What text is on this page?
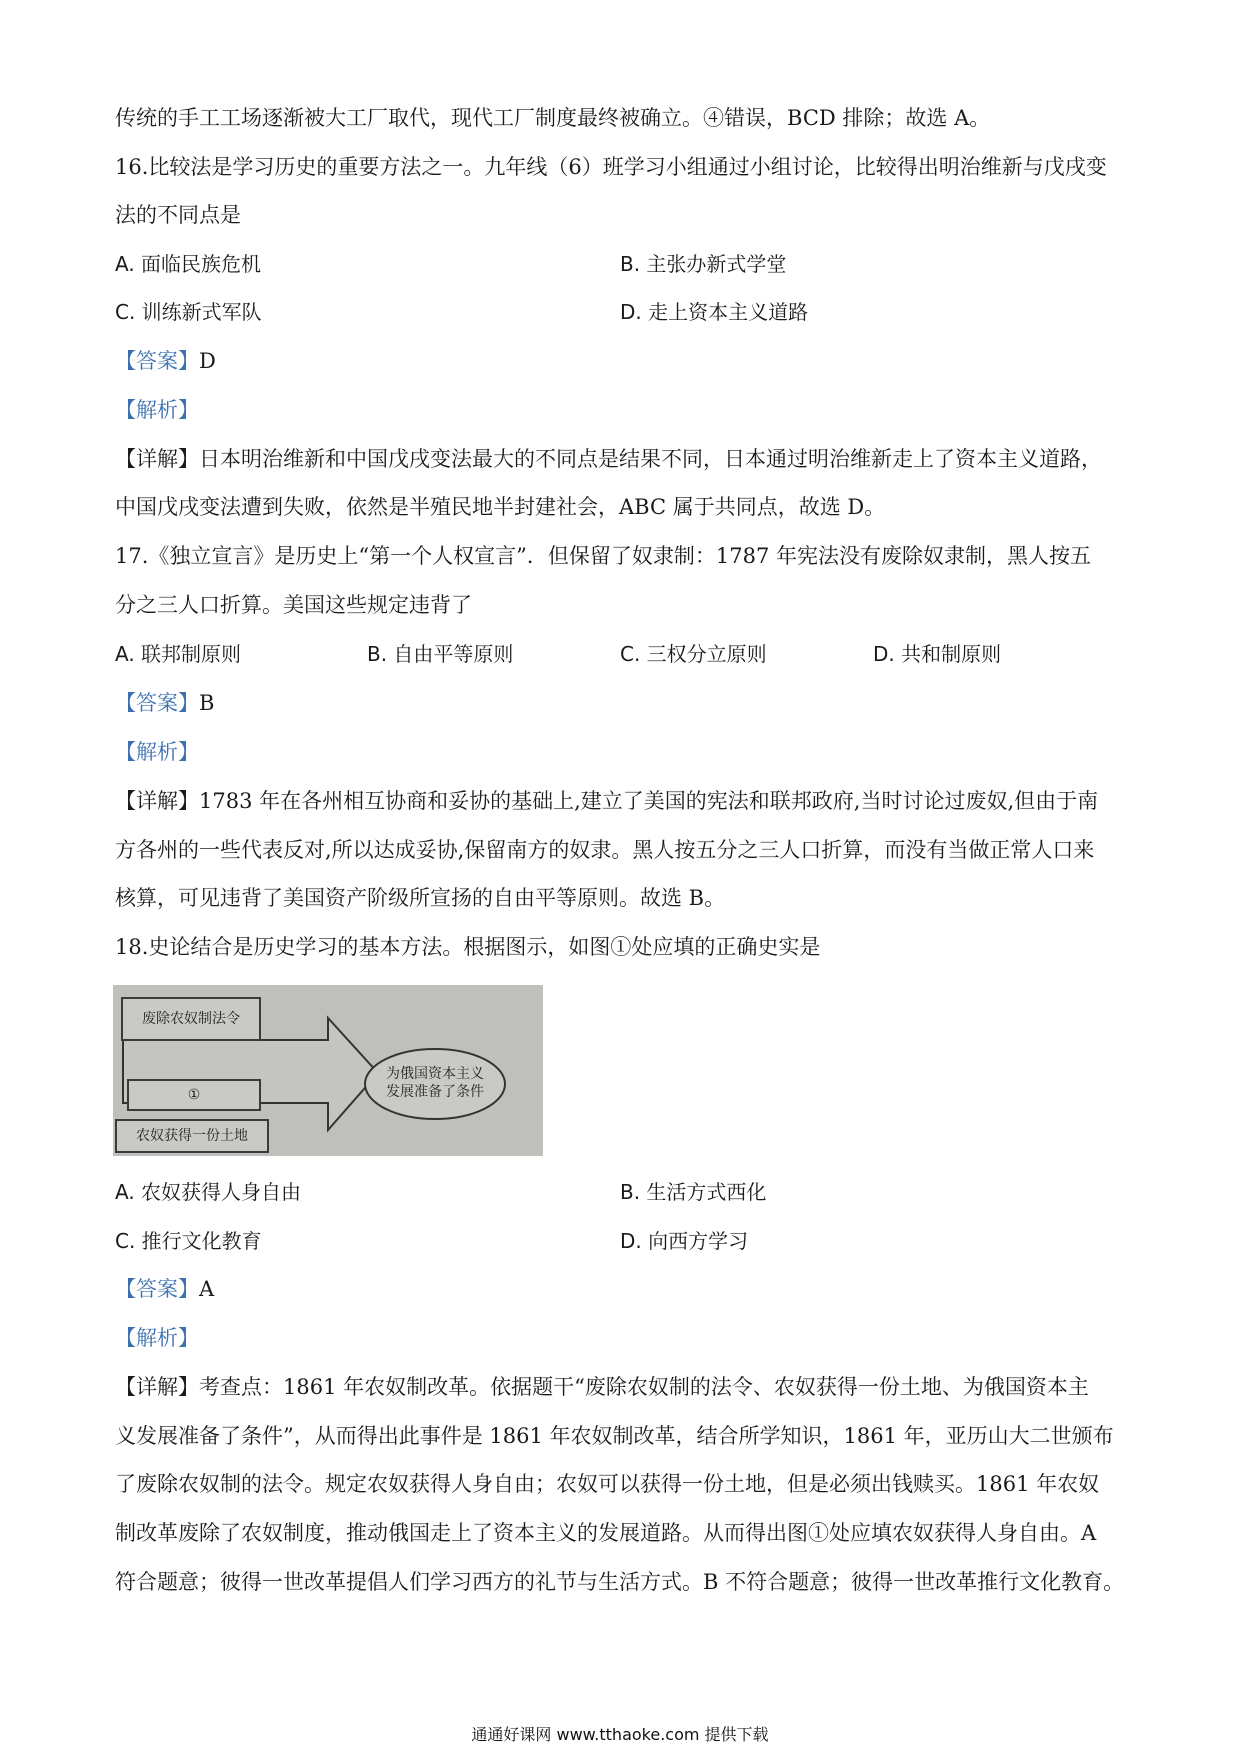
传统的手工工场逐渐被大工厂取代，现代工厂制度最终被确立。④错误，BCD 排除；故选 A。
16.比较法是学习历史的重要方法之一。九年线（6）班学习小组通过小组讨论，比较得出明治维新与戊戌变
法的不同点是
A. 面临民族危机	B. 主张办新式学堂
C. 训练新式军队	D. 走上资本主义道路
【答案】D
【解析】
【详解】日本明治维新和中国戊戌变法最大的不同点是结果不同，日本通过明治维新走上了资本主义道路，
中国戊戌变法遭到失败，依然是半殖民地半封建社会，ABC 属于共同点，故选 D。
17.《独立宣言》是历史上“第一个人权宣言”．但保留了奴隶制：1787 年宪法没有废除奴隶制，黑人按五
分之三人口折算。美国这些规定违背了
A. 联邦制原则	B. 自由平等原则	C. 三权分立原则	D. 共和制原则
【答案】B
【解析】
【详解】1783 年在各州相互协商和妥协的基础上,建立了美国的宪法和联邦政府,当时讨论过废奴,但由于南
方各州的一些代表反对,所以达成妥协,保留南方的奴隶。黑人按五分之三人口折算，而没有当做正常人口来
核算，可见违背了美国资产阶级所宣扬的自由平等原则。故选 B。
18.史论结合是历史学习的基本方法。根据图示，如图①处应填的正确史实是
废除农奴制法令
①
农奴获得一份土地
为俄国资本主义
发展准备了条件
A. 农奴获得人身自由	B. 生活方式西化
C. 推行文化教育	D. 向西方学习
【答案】A
【解析】
【详解】考查点：1861 年农奴制改革。依据题干“废除农奴制的法令、农奴获得一份土地、为俄国资本主
义发展准备了条件”，从而得出此事件是 1861 年农奴制改革，结合所学知识，1861 年，亚历山大二世颁布
了废除农奴制的法令。规定农奴获得人身自由；农奴可以获得一份土地，但是必须出钱赎买。1861 年农奴
制改革废除了农奴制度，推动俄国走上了资本主义的发展道路。从而得出图①处应填农奴获得人身自由。A
符合题意；彼得一世改革提倡人们学习西方的礼节与生活方式。B 不符合题意；彼得一世改革推行文化教育。
通通好课网 www.tthaoke.com 提供下载
